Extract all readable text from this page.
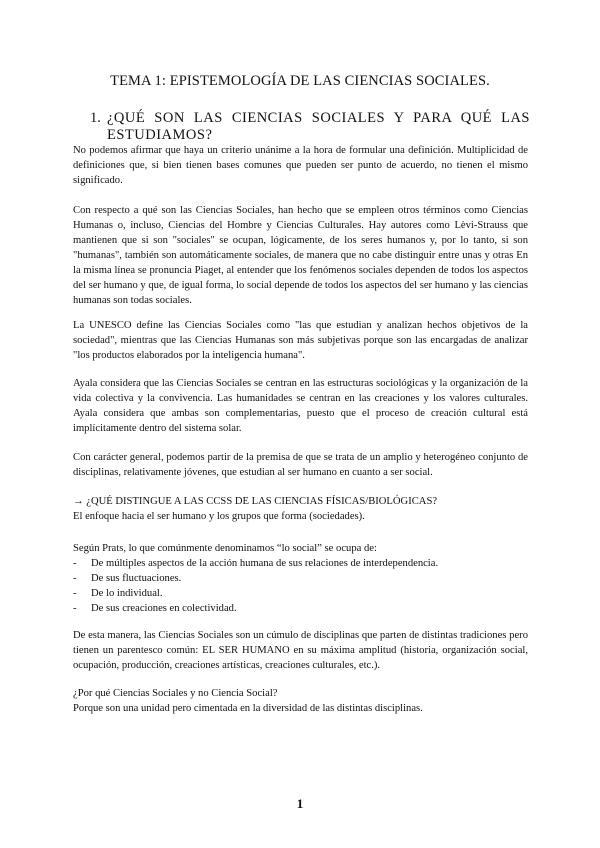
TEMA 1: EPISTEMOLOGÍA DE LAS CIENCIAS SOCIALES.
1. ¿QUÉ SON LAS CIENCIAS SOCIALES Y PARA QUÉ LAS
ESTUDIAMOS?

No podemos afirmar que haya un criterio unánime a la hora de formular una definición. Multiplicidad de definiciones que, si bien tienen bases comunes que pueden ser punto de acuerdo, no tienen el mismo significado.

Con respecto a qué son las Ciencias Sociales, han hecho que se empleen otros términos como Ciencias Humanas o, incluso, Ciencias del Hombre y Ciencias Culturales. Hay autores como Lèvi-Strauss que mantienen que si son "sociales" se ocupan, lógicamente, de los seres humanos y, por lo tanto, si son "humanas", también son automáticamente sociales, de manera que no cabe distinguir entre unas y otras En la misma línea se pronuncia Piaget, al entender que los fenómenos sociales dependen de todos los aspectos del ser humano y que, de igual forma, lo social depende de todos los aspectos del ser humano y las ciencias humanas son todas sociales.

La UNESCO define las Ciencias Sociales como "las que estudian y analizan hechos objetivos de la sociedad", mientras que las Ciencias Humanas son más subjetivas porque son las encargadas de analizar "los productos elaborados por la inteligencia humana".

Ayala considera que las Ciencias Sociales se centran en las estructuras sociológicas y la organización de la vida colectiva y la convivencia. Las humanidades se centran en las creaciones y los valores culturales. Ayala considera que ambas son complementarias, puesto que el proceso de creación cultural está implícitamente dentro del sistema solar.

Con carácter general, podemos partir de la premisa de que se trata de un amplio y heterogéneo conjunto de disciplinas, relativamente jóvenes, que estudian al ser humano en cuanto a ser social.

→ ¿QUÉ DISTINGUE A LAS CCSS DE LAS CIENCIAS FÍSICAS/BIOLÓGICAS?

El enfoque hacia el ser humano y los grupos que forma (sociedades).

Según Prats, lo que comúnmente denominamos “lo social” se ocupa de:

- De múltiples aspectos de la acción humana de sus relaciones de interdependencia.
- De sus fluctuaciones.
- De lo individual.
- De sus creaciones en colectividad.

De esta manera, las Ciencias Sociales son un cúmulo de disciplinas que parten de distintas tradiciones pero tienen un parentesco común: EL SER HUMANO en su máxima amplitud (historia, organización social, ocupación, producción, creaciones artísticas, creaciones culturales, etc.).

¿Por qué Ciencias Sociales y no Ciencia Social?

Porque son una unidad pero cimentada en la diversidad de las distintas disciplinas.

1
